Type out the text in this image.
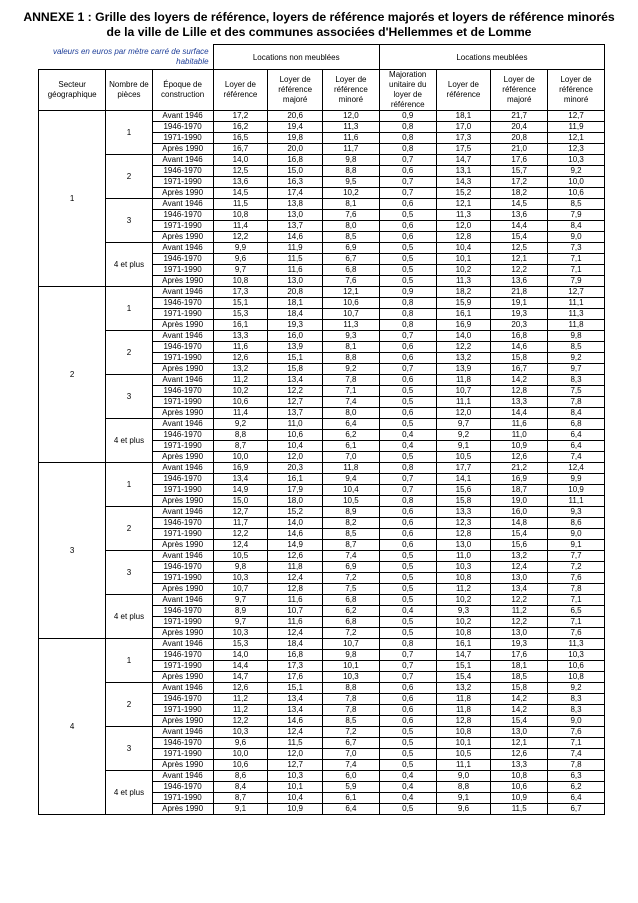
ANNEXE 1 : Grille des loyers de référence, loyers de référence majorés et loyers de référence minorés
de la ville de Lille et des communes associées d'Hellemmes et de Lomme
valeurs en euros par mètre carré de surface habitable			Locations non meublées			Locations meublées			
Secteur géographique	Nombre de pièces	Époque de construction	Loyer de référence	Loyer de référence majoré	Loyer de référence minoré	Majoration unitaire du loyer de référence	Loyer de référence	Loyer de référence majoré	Loyer de référence minoré
1	1	Avant 1946	17,2	20,6	12,0	0,9	18,1	21,7	12,7
		1946-1970	16,2	19,4	11,3	0,8	17,0	20,4	11,9
		1971-1990	16,5	19,8	11,6	0,8	17,3	20,8	12,1
		Après 1990	16,7	20,0	11,7	0,8	17,5	21,0	12,3
	2	Avant 1946	14,0	16,8	9,8	0,7	14,7	17,6	10,3
		1946-1970	12,5	15,0	8,8	0,6	13,1	15,7	9,2
		1971-1990	13,6	16,3	9,5	0,7	14,3	17,2	10,0
		Après 1990	14,5	17,4	10,2	0,7	15,2	18,2	10,6
	3	Avant 1946	11,5	13,8	8,1	0,6	12,1	14,5	8,5
		1946-1970	10,8	13,0	7,6	0,5	11,3	13,6	7,9
		1971-1990	11,4	13,7	8,0	0,6	12,0	14,4	8,4
		Après 1990	12,2	14,6	8,5	0,6	12,8	15,4	9,0
	4 et plus	Avant 1946	9,9	11,9	6,9	0,5	10,4	12,5	7,3
		1946-1970	9,6	11,5	6,7	0,5	10,1	12,1	7,1
		1971-1990	9,7	11,6	6,8	0,5	10,2	12,2	7,1
		Après 1990	10,8	13,0	7,6	0,5	11,3	13,6	7,9
2	1	Avant 1946	17,3	20,8	12,1	0,9	18,2	21,8	12,7
		1946-1970	15,1	18,1	10,6	0,8	15,9	19,1	11,1
		1971-1990	15,3	18,4	10,7	0,8	16,1	19,3	11,3
		Après 1990	16,1	19,3	11,3	0,8	16,9	20,3	11,8
	2	Avant 1946	13,3	16,0	9,3	0,7	14,0	16,8	9,8
		1946-1970	11,6	13,9	8,1	0,6	12,2	14,6	8,5
		1971-1990	12,6	15,1	8,8	0,6	13,2	15,8	9,2
		Après 1990	13,2	15,8	9,2	0,7	13,9	16,7	9,7
	3	Avant 1946	11,2	13,4	7,8	0,6	11,8	14,2	8,3
		1946-1970	10,2	12,2	7,1	0,5	10,7	12,8	7,5
		1971-1990	10,6	12,7	7,4	0,5	11,1	13,3	7,8
		Après 1990	11,4	13,7	8,0	0,6	12,0	14,4	8,4
	4 et plus	Avant 1946	9,2	11,0	6,4	0,5	9,7	11,6	6,8
		1946-1970	8,8	10,6	6,2	0,4	9,2	11,0	6,4
		1971-1990	8,7	10,4	6,1	0,4	9,1	10,9	6,4
		Après 1990	10,0	12,0	7,0	0,5	10,5	12,6	7,4
3	1	Avant 1946	16,9	20,3	11,8	0,8	17,7	21,2	12,4
		1946-1970	13,4	16,1	9,4	0,7	14,1	16,9	9,9
		1971-1990	14,9	17,9	10,4	0,7	15,6	18,7	10,9
		Après 1990	15,0	18,0	10,5	0,8	15,8	19,0	11,1
	2	Avant 1946	12,7	15,2	8,9	0,6	13,3	16,0	9,3
		1946-1970	11,7	14,0	8,2	0,6	12,3	14,8	8,6
		1971-1990	12,2	14,6	8,5	0,6	12,8	15,4	9,0
		Après 1990	12,4	14,9	8,7	0,6	13,0	15,6	9,1
	3	Avant 1946	10,5	12,6	7,4	0,5	11,0	13,2	7,7
		1946-1970	9,8	11,8	6,9	0,5	10,3	12,4	7,2
		1971-1990	10,3	12,4	7,2	0,5	10,8	13,0	7,6
		Après 1990	10,7	12,8	7,5	0,5	11,2	13,4	7,8
	4 et plus	Avant 1946	9,7	11,6	6,8	0,5	10,2	12,2	7,1
		1946-1970	8,9	10,7	6,2	0,4	9,3	11,2	6,5
		1971-1990	9,7	11,6	6,8	0,5	10,2	12,2	7,1
		Après 1990	10,3	12,4	7,2	0,5	10,8	13,0	7,6
4	1	Avant 1946	15,3	18,4	10,7	0,8	16,1	19,3	11,3
		1946-1970	14,0	16,8	9,8	0,7	14,7	17,6	10,3
		1971-1990	14,4	17,3	10,1	0,7	15,1	18,1	10,6
		Après 1990	14,7	17,6	10,3	0,7	15,4	18,5	10,8
	2	Avant 1946	12,6	15,1	8,8	0,6	13,2	15,8	9,2
		1946-1970	11,2	13,4	7,8	0,6	11,8	14,2	8,3
		1971-1990	11,2	13,4	7,8	0,6	11,8	14,2	8,3
		Après 1990	12,2	14,6	8,5	0,6	12,8	15,4	9,0
	3	Avant 1946	10,3	12,4	7,2	0,5	10,8	13,0	7,6
		1946-1970	9,6	11,5	6,7	0,5	10,1	12,1	7,1
		1971-1990	10,0	12,0	7,0	0,5	10,5	12,6	7,4
		Après 1990	10,6	12,7	7,4	0,5	11,1	13,3	7,8
	4 et plus	Avant 1946	8,6	10,3	6,0	0,4	9,0	10,8	6,3
		1946-1970	8,4	10,1	5,9	0,4	8,8	10,6	6,2
		1971-1990	8,7	10,4	6,1	0,4	9,1	10,9	6,4
		Après 1990	9,1	10,9	6,4	0,5	9,6	11,5	6,7
